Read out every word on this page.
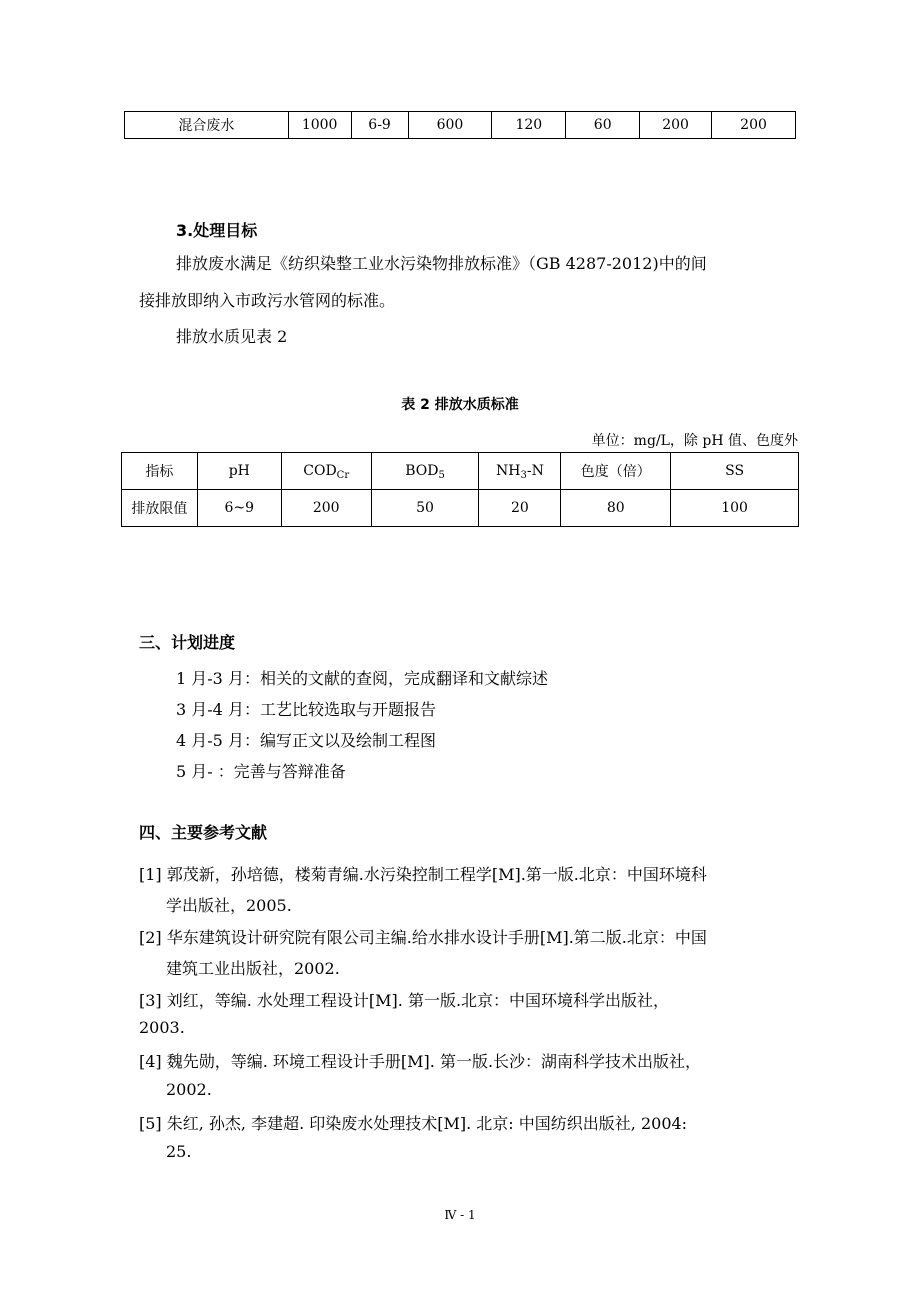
混合废水	1000	6-9	600	120	60	200	200
3.处理目标
排放废水满足《纺织染整工业水污染物排放标准》（GB 4287-2012)中的间
接排放即纳入市政污水管网的标准。
排放水质见表 2
表 2 排放水质标准
单位：mg/L，除 pH 值、色度外
指标	pH	$COD_{Cr}$	$BOD_5$	$NH_3-N$	色度（倍）	SS
排放限值	6~9	200	50	20	80	100
三、计划进度
1 月-3 月：相关的文献的查阅，完成翻译和文献综述
3 月-4 月：工艺比较选取与开题报告
4 月-5 月：编写正文以及绘制工程图
5 月- ：完善与答辩准备
四、主要参考文献
[1] 郭茂新，孙培德，楼菊青编.水污染控制工程学[M].第一版.北京：中国环境科
学出版社，2005.
[2] 华东建筑设计研究院有限公司主编.给水排水设计手册[M].第二版.北京：中国
建筑工业出版社，2002.
[3] 刘红，等编. 水处理工程设计[M]. 第一版.北京：中国环境科学出版社，
2003.
[4] 魏先勋，等编. 环境工程设计手册[M]. 第一版.长沙：湖南科学技术出版社，
2002.
[5] 朱红, 孙杰, 李建超. 印染废水处理技术[M]. 北京: 中国纺织出版社, 2004:
25.
Ⅳ - 1
